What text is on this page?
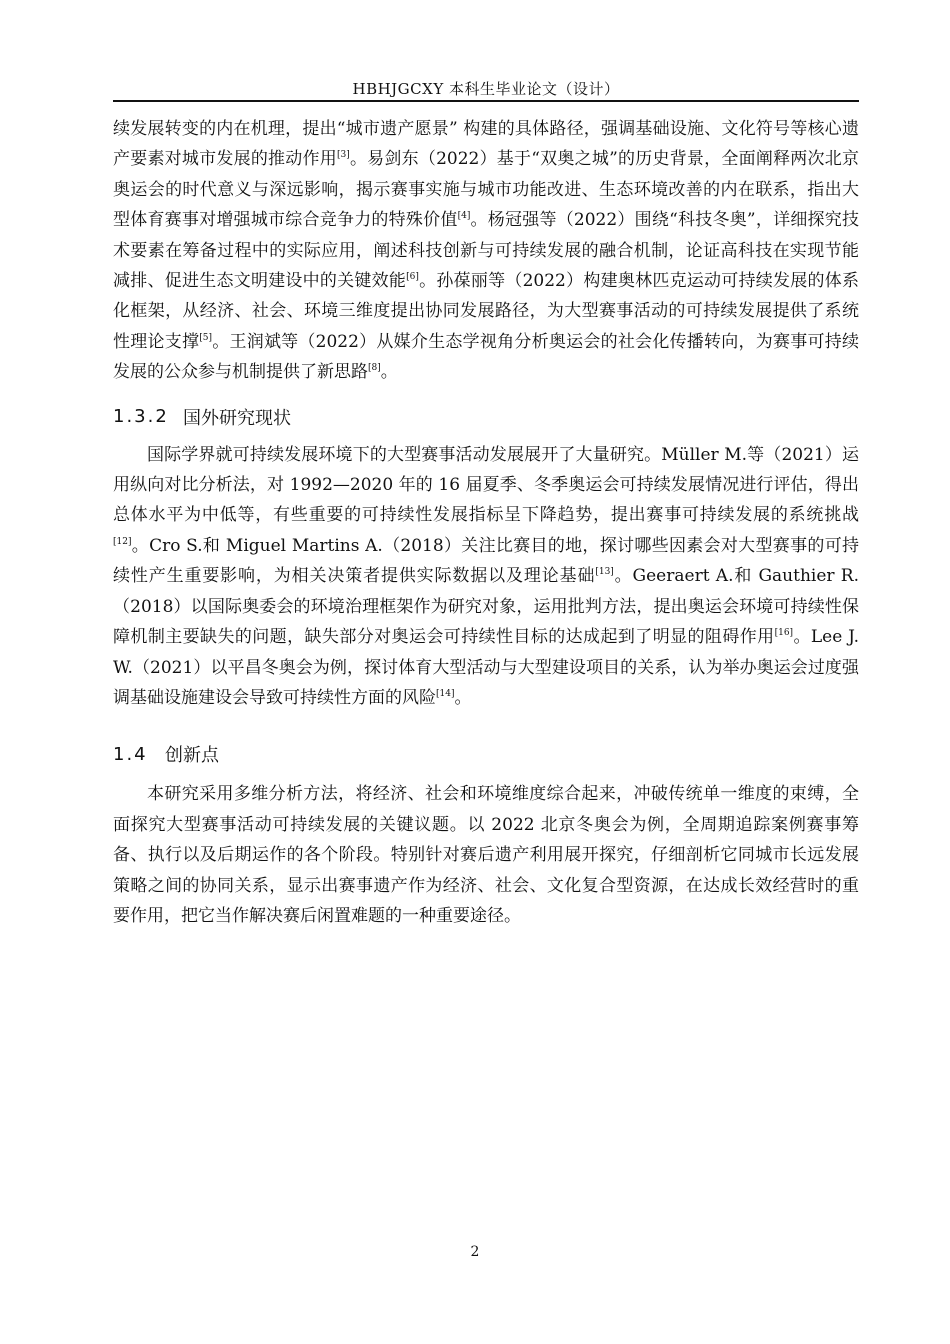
HBHJGCXY 本科生毕业论文（设计）

续发展转变的内在机理，提出“城市遗产愿景” 构建的具体路径，强调基础设施、文化符号等核心遗产要素对城市发展的推动作用[3]。易剑东（2022）基于“双奥之城”的历史背景，全面阐释两次北京奥运会的时代意义与深远影响，揭示赛事实施与城市功能改进、生态环境改善的内在联系，指出大型体育赛事对增强城市综合竞争力的特殊价值[4]。杨冠强等（2022）围绕“科技冬奥”，详细探究技术要素在筹备过程中的实际应用，阐述科技创新与可持续发展的融合机制，论证高科技在实现节能减排、促进生态文明建设中的关键效能[6]。孙葆丽等（2022）构建奥林匹克运动可持续发展的体系化框架，从经济、社会、环境三维度提出协同发展路径，为大型赛事活动的可持续发展提供了系统性理论支撑[5]。王润斌等（2022）从媒介生态学视角分析奥运会的社会化传播转向，为赛事可持续发展的公众参与机制提供了新思路[8]。

1.3.2 国外研究现状

国际学界就可持续发展环境下的大型赛事活动发展展开了大量研究。Müller M.等（2021）运用纵向对比分析法，对 1992—2020 年的 16 届夏季、冬季奥运会可持续发展情况进行评估，得出总体水平为中低等，有些重要的可持续性发展指标呈下降趋势，提出赛事可持续发展的系统挑战[12]。Cro S.和 Miguel Martins A.（2018）关注比赛目的地，探讨哪些因素会对大型赛事的可持续性产生重要影响，为相关决策者提供实际数据以及理论基础[13]。Geeraert A.和 Gauthier R.（2018）以国际奥委会的环境治理框架作为研究对象，运用批判方法，提出奥运会环境可持续性保障机制主要缺失的问题，缺失部分对奥运会可持续性目标的达成起到了明显的阻碍作用[16]。Lee J. W.（2021）以平昌冬奥会为例，探讨体育大型活动与大型建设项目的关系，认为举办奥运会过度强调基础设施建设会导致可持续性方面的风险[14]。

1.4 创新点

本研究采用多维分析方法，将经济、社会和环境维度综合起来，冲破传统单一维度的束缚，全面探究大型赛事活动可持续发展的关键议题。以 2022 北京冬奥会为例，全周期追踪案例赛事筹备、执行以及后期运作的各个阶段。特别针对赛后遗产利用展开探究，仔细剖析它同城市长远发展策略之间的协同关系，显示出赛事遗产作为经济、社会、文化复合型资源，在达成长效经营时的重要作用，把它当作解决赛后闲置难题的一种重要途径。

2
